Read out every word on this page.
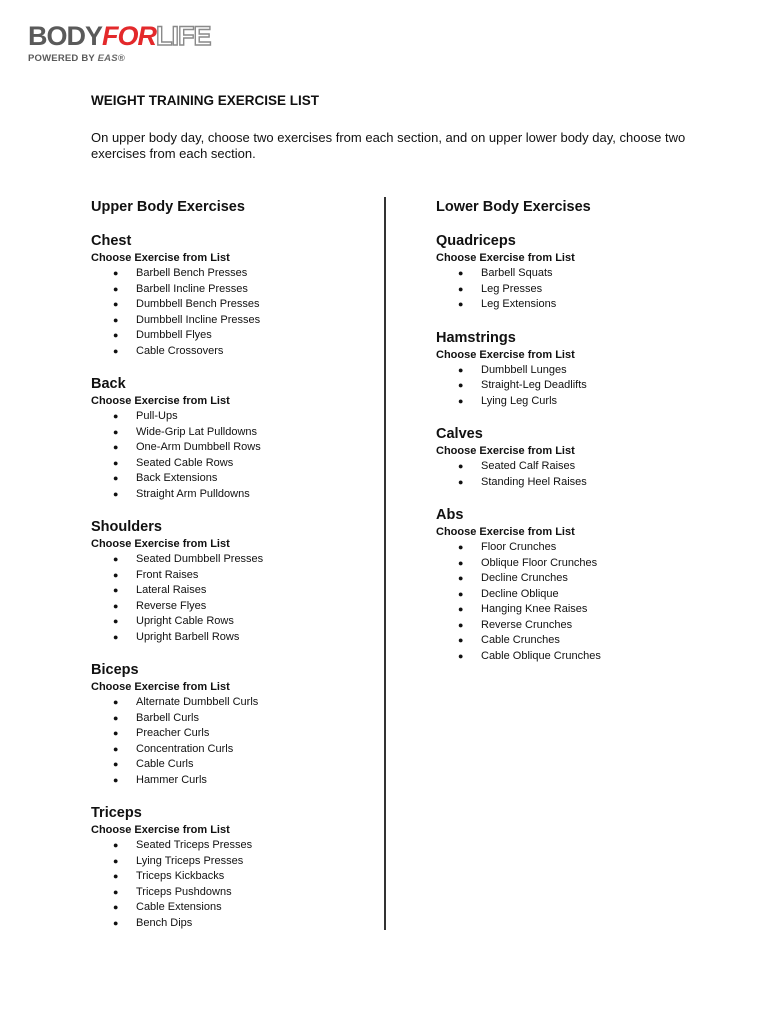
BODYFORLIFE
POWERED BY EAS®
WEIGHT TRAINING EXERCISE LIST

On upper body day, choose two exercises from each section, and on upper lower body day, choose two exercises from each section.

Upper Body Exercises
Chest
Choose Exercise from List
● Barbell Bench Presses
● Barbell Incline Presses
● Dumbbell Bench Presses
● Dumbbell Incline Presses
● Dumbbell Flyes
● Cable Crossovers
Back
Choose Exercise from List
● Pull-Ups
● Wide-Grip Lat Pulldowns
● One-Arm Dumbbell Rows
● Seated Cable Rows
● Back Extensions
● Straight Arm Pulldowns
Shoulders
Choose Exercise from List
● Seated Dumbbell Presses
● Front Raises
● Lateral Raises
● Reverse Flyes
● Upright Cable Rows
● Upright Barbell Rows
Biceps
Choose Exercise from List
● Alternate Dumbbell Curls
● Barbell Curls
● Preacher Curls
● Concentration Curls
● Cable Curls
● Hammer Curls
Triceps
Choose Exercise from List
● Seated Triceps Presses
● Lying Triceps Presses
● Triceps Kickbacks
● Triceps Pushdowns
● Cable Extensions
● Bench Dips
Lower Body Exercises
Quadriceps
Choose Exercise from List
● Barbell Squats
● Leg Presses
● Leg Extensions
Hamstrings
Choose Exercise from List
● Dumbbell Lunges
● Straight-Leg Deadlifts
● Lying Leg Curls
Calves
Choose Exercise from List
● Seated Calf Raises
● Standing Heel Raises
Abs
Choose Exercise from List
● Floor Crunches
● Oblique Floor Crunches
● Decline Crunches
● Decline Oblique
● Hanging Knee Raises
● Reverse Crunches
● Cable Crunches
● Cable Oblique Crunches
